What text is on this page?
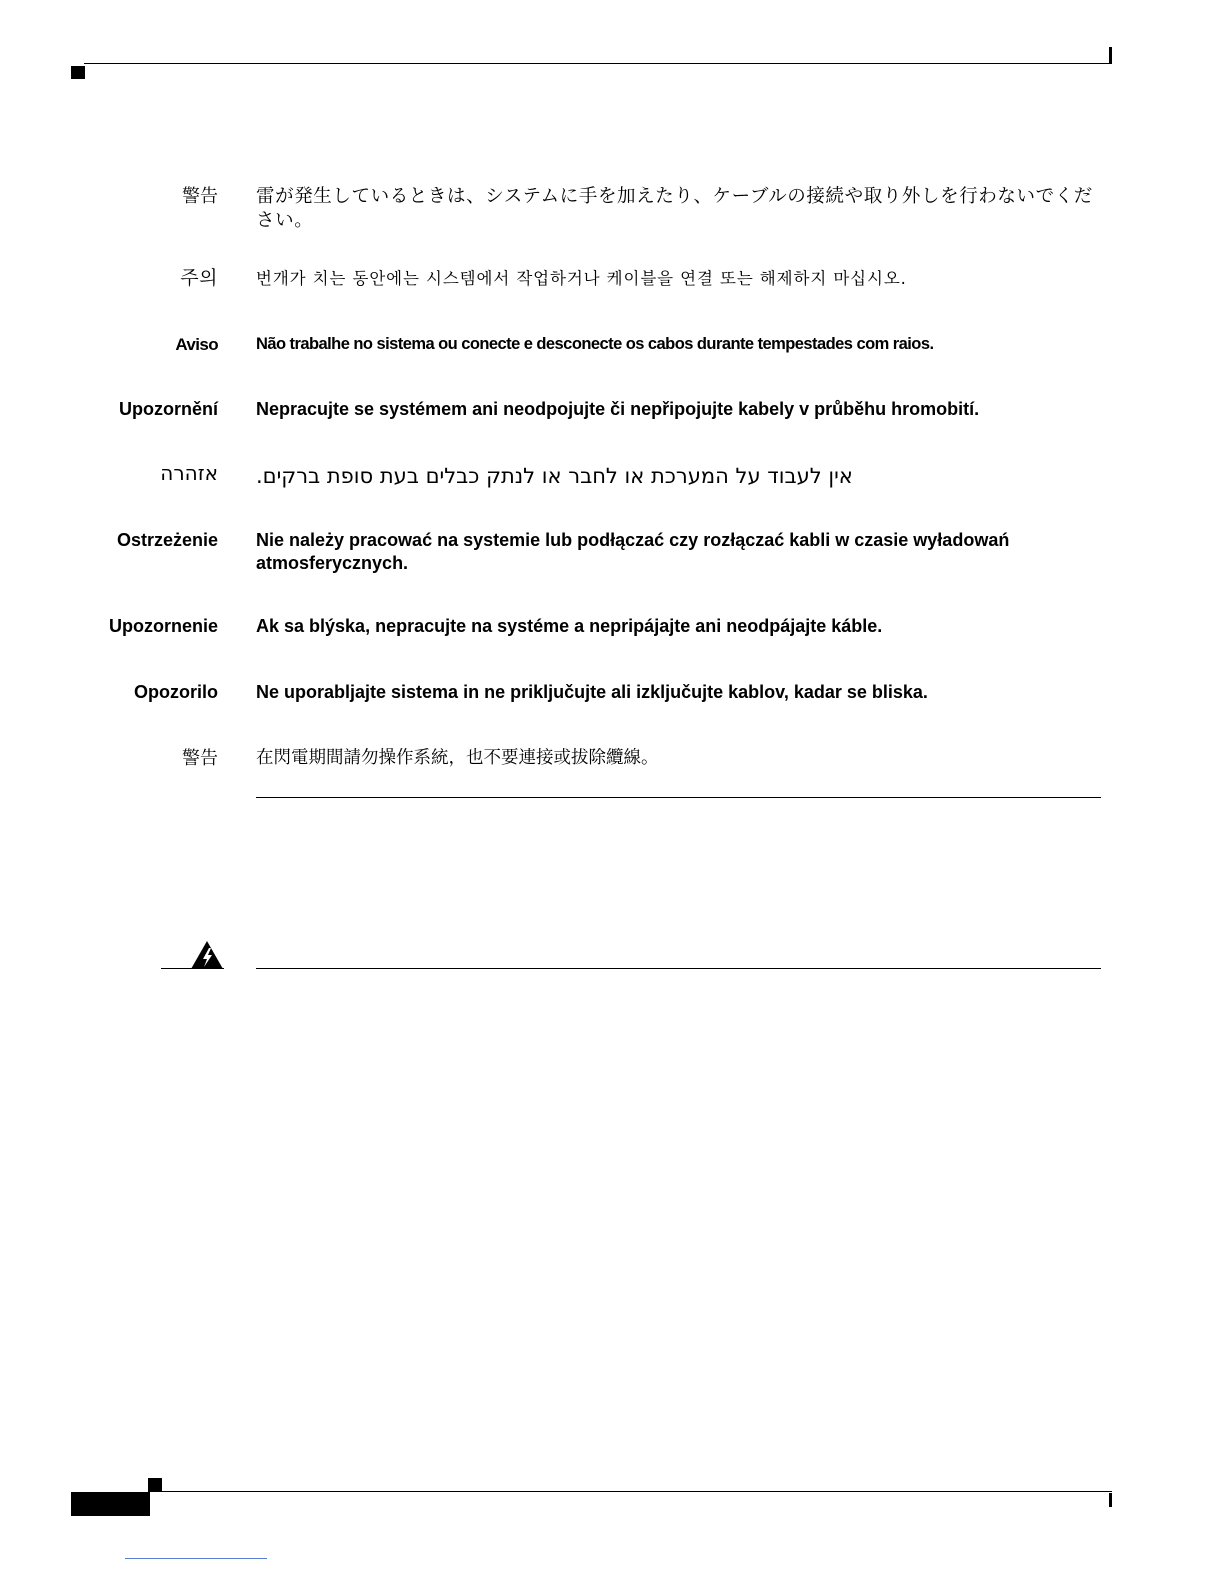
警告 雷が発生しているときは、システムに手を加えたり、ケーブルの接続や取り外しを行わないでください。
주의 번개가 치는 동안에는 시스템에서 작업하거나 케이블을 연결 또는 해제하지 마십시오.
Aviso Não trabalhe no sistema ou conecte e desconecte os cabos durante tempestades com raios.
Upozornění Nepracujte se systémem ani neodpojujte či nepřipojujte kabely v průběhu hromobití.
אזהרה אין לעבוד על המערכת או לחבר או לנתק כבלים בעת סופת ברקים.
Ostrzeżenie Nie należy pracować na systemie lub podłączać czy rozłączać kabli w czasie wyładowań atmosferycznych.
Upozornenie Ak sa blýska, nepracujte na systéme a nepripájajte ani neodpájajte káble.
Opozorilo Ne uporabljajte sistema in ne priključujte ali izključujte kablov, kadar se bliska.
警告 在閃電期間請勿操作系統，也不要連接或拔除纜線。
